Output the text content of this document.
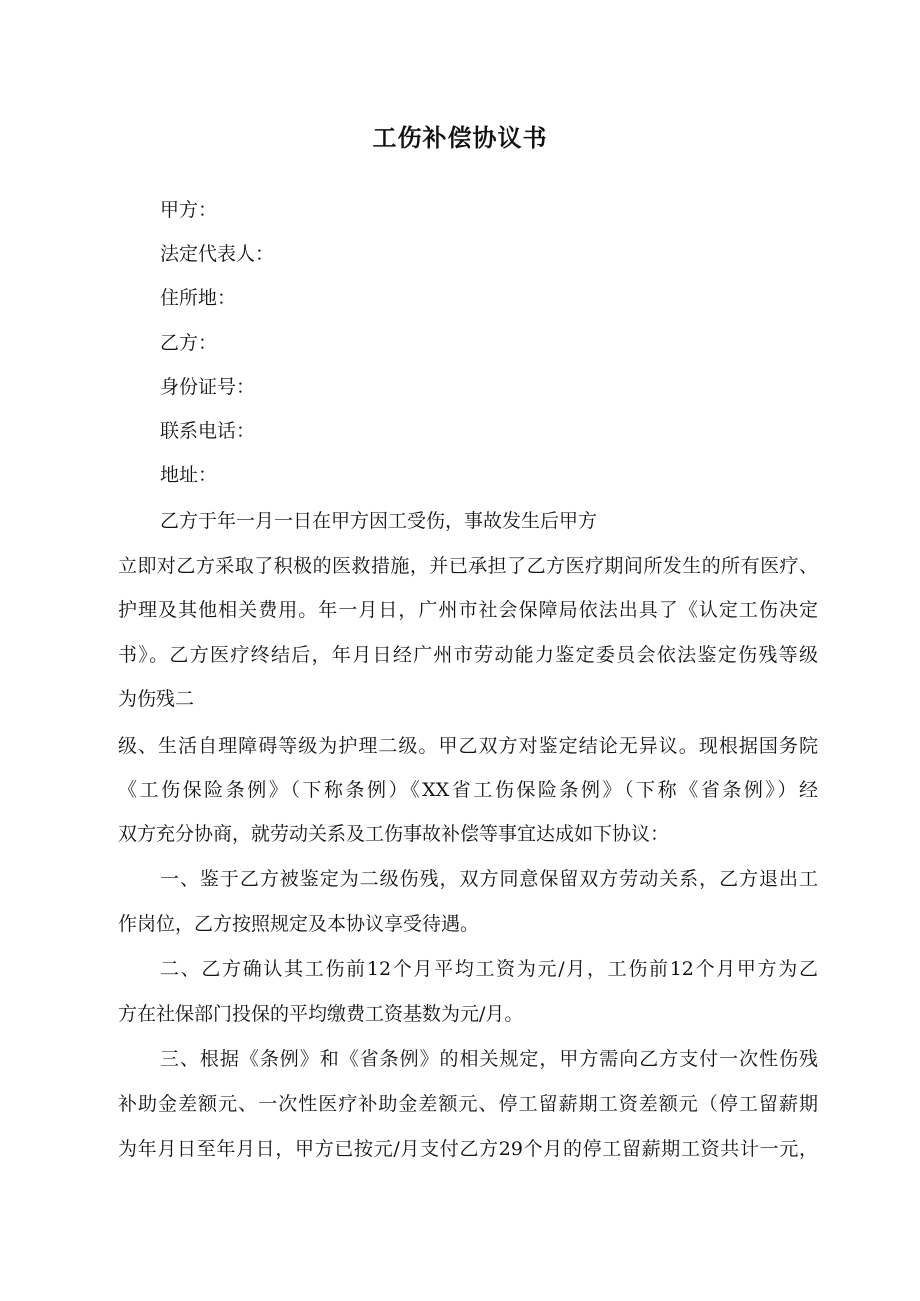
工伤补偿协议书
甲方：
法定代表人：
住所地：
乙方：
身份证号：
联系电话：
地址：
乙方于年一月一日在甲方因工受伤，事故发生后甲方
立即对乙方采取了积极的医救措施，并已承担了乙方医疗期间所发生的所有医疗、
护理及其他相关费用。年一月日，广州市社会保障局依法出具了《认定工伤决定
书》。乙方医疗终结后，年月日经广州市劳动能力鉴定委员会依法鉴定伤残等级
为伤残二
级、生活自理障碍等级为护理二级。甲乙双方对鉴定结论无异议。现根据国务院
《工伤保险条例》（下称条例）《XX省工伤保险条例》（下称《省条例》）经
双方充分协商，就劳动关系及工伤事故补偿等事宜达成如下协议：
一、鉴于乙方被鉴定为二级伤残，双方同意保留双方劳动关系，乙方退出工
作岗位，乙方按照规定及本协议享受待遇。
二、乙方确认其工伤前12个月平均工资为元/月，工伤前12个月甲方为乙
方在社保部门投保的平均缴费工资基数为元/月。
三、根据《条例》和《省条例》的相关规定，甲方需向乙方支付一次性伤残
补助金差额元、一次性医疗补助金差额元、停工留薪期工资差额元（停工留薪期
为年月日至年月日，甲方已按元/月支付乙方29个月的停工留薪期工资共计一元，
